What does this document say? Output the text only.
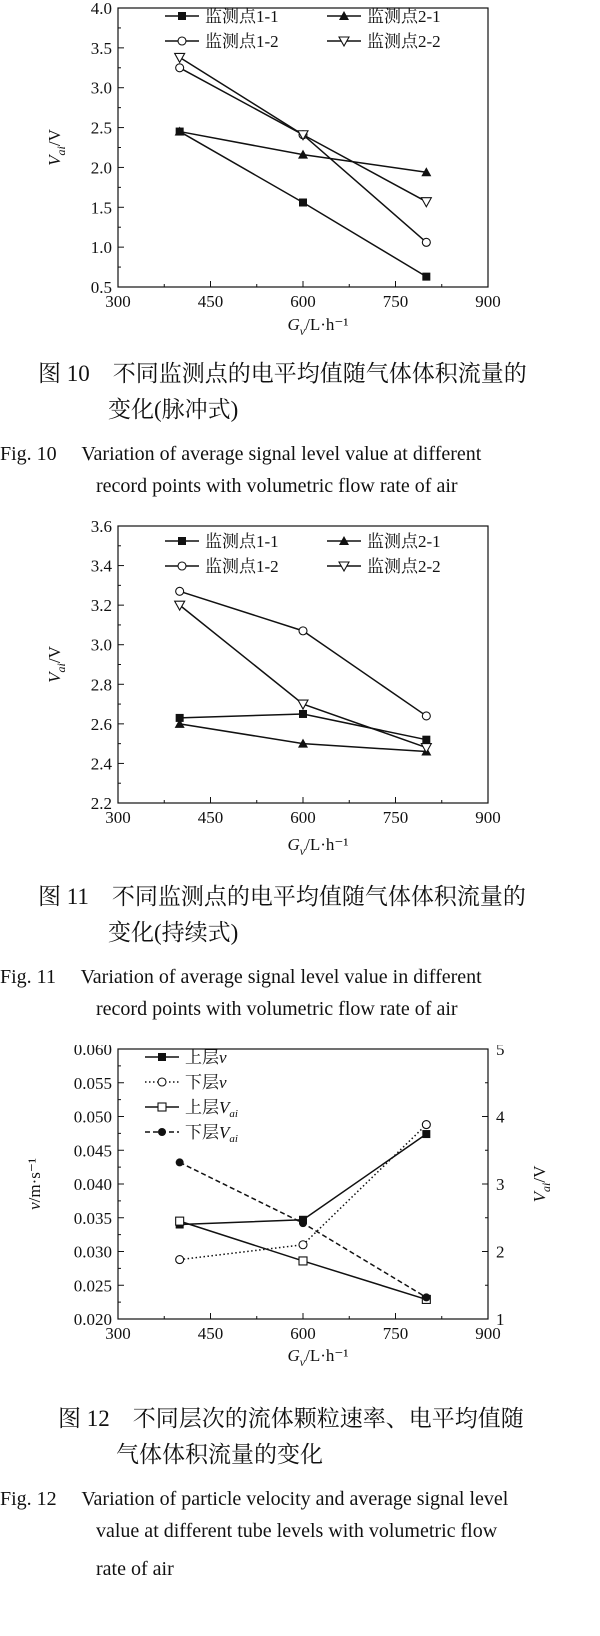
300	450	600	750	900
0.5
1.0
1.5
2.0
2.5
3.0
3.5
4.0
$G_v/L\cdot h^{-1}$
$V_{ai}/V$
监测点1-1	监测点2-1
监测点1-2	监测点2-2
图 10　不同监测点的电平均值随气体体积流量的
变化(脉冲式)
Fig. 10　 Variation of average signal level value at different
record points with volumetric flow rate of air
300	450	600	750	900
2.2
2.4
2.6
2.8
3.0
3.2
3.4
3.6
$G_v/L\cdot h^{-1}$
$V_{ai}/V$
监测点1-1	监测点2-1
监测点1-2	监测点2-2
图 11　不同监测点的电平均值随气体体积流量的
变化(持续式)
Fig. 11　 Variation of average signal level value in different
record points with volumetric flow rate of air
300	450	600	750	900
0.020
0.025
0.030
0.035
0.040
0.045
0.050
0.055
0.060
1
2
3
4
5
$V_{ai}/V$
$G_v/L\cdot h^{-1}$
v/m·s⁻¹
上层v
下层v
上层$V_{ai}$
下层$V_{ai}$
图 12　不同层次的流体颗粒速率、电平均值随
气体体积流量的变化
Fig. 12　 Variation of particle velocity and average signal level
value at different tube levels with volumetric flow
rate of air
